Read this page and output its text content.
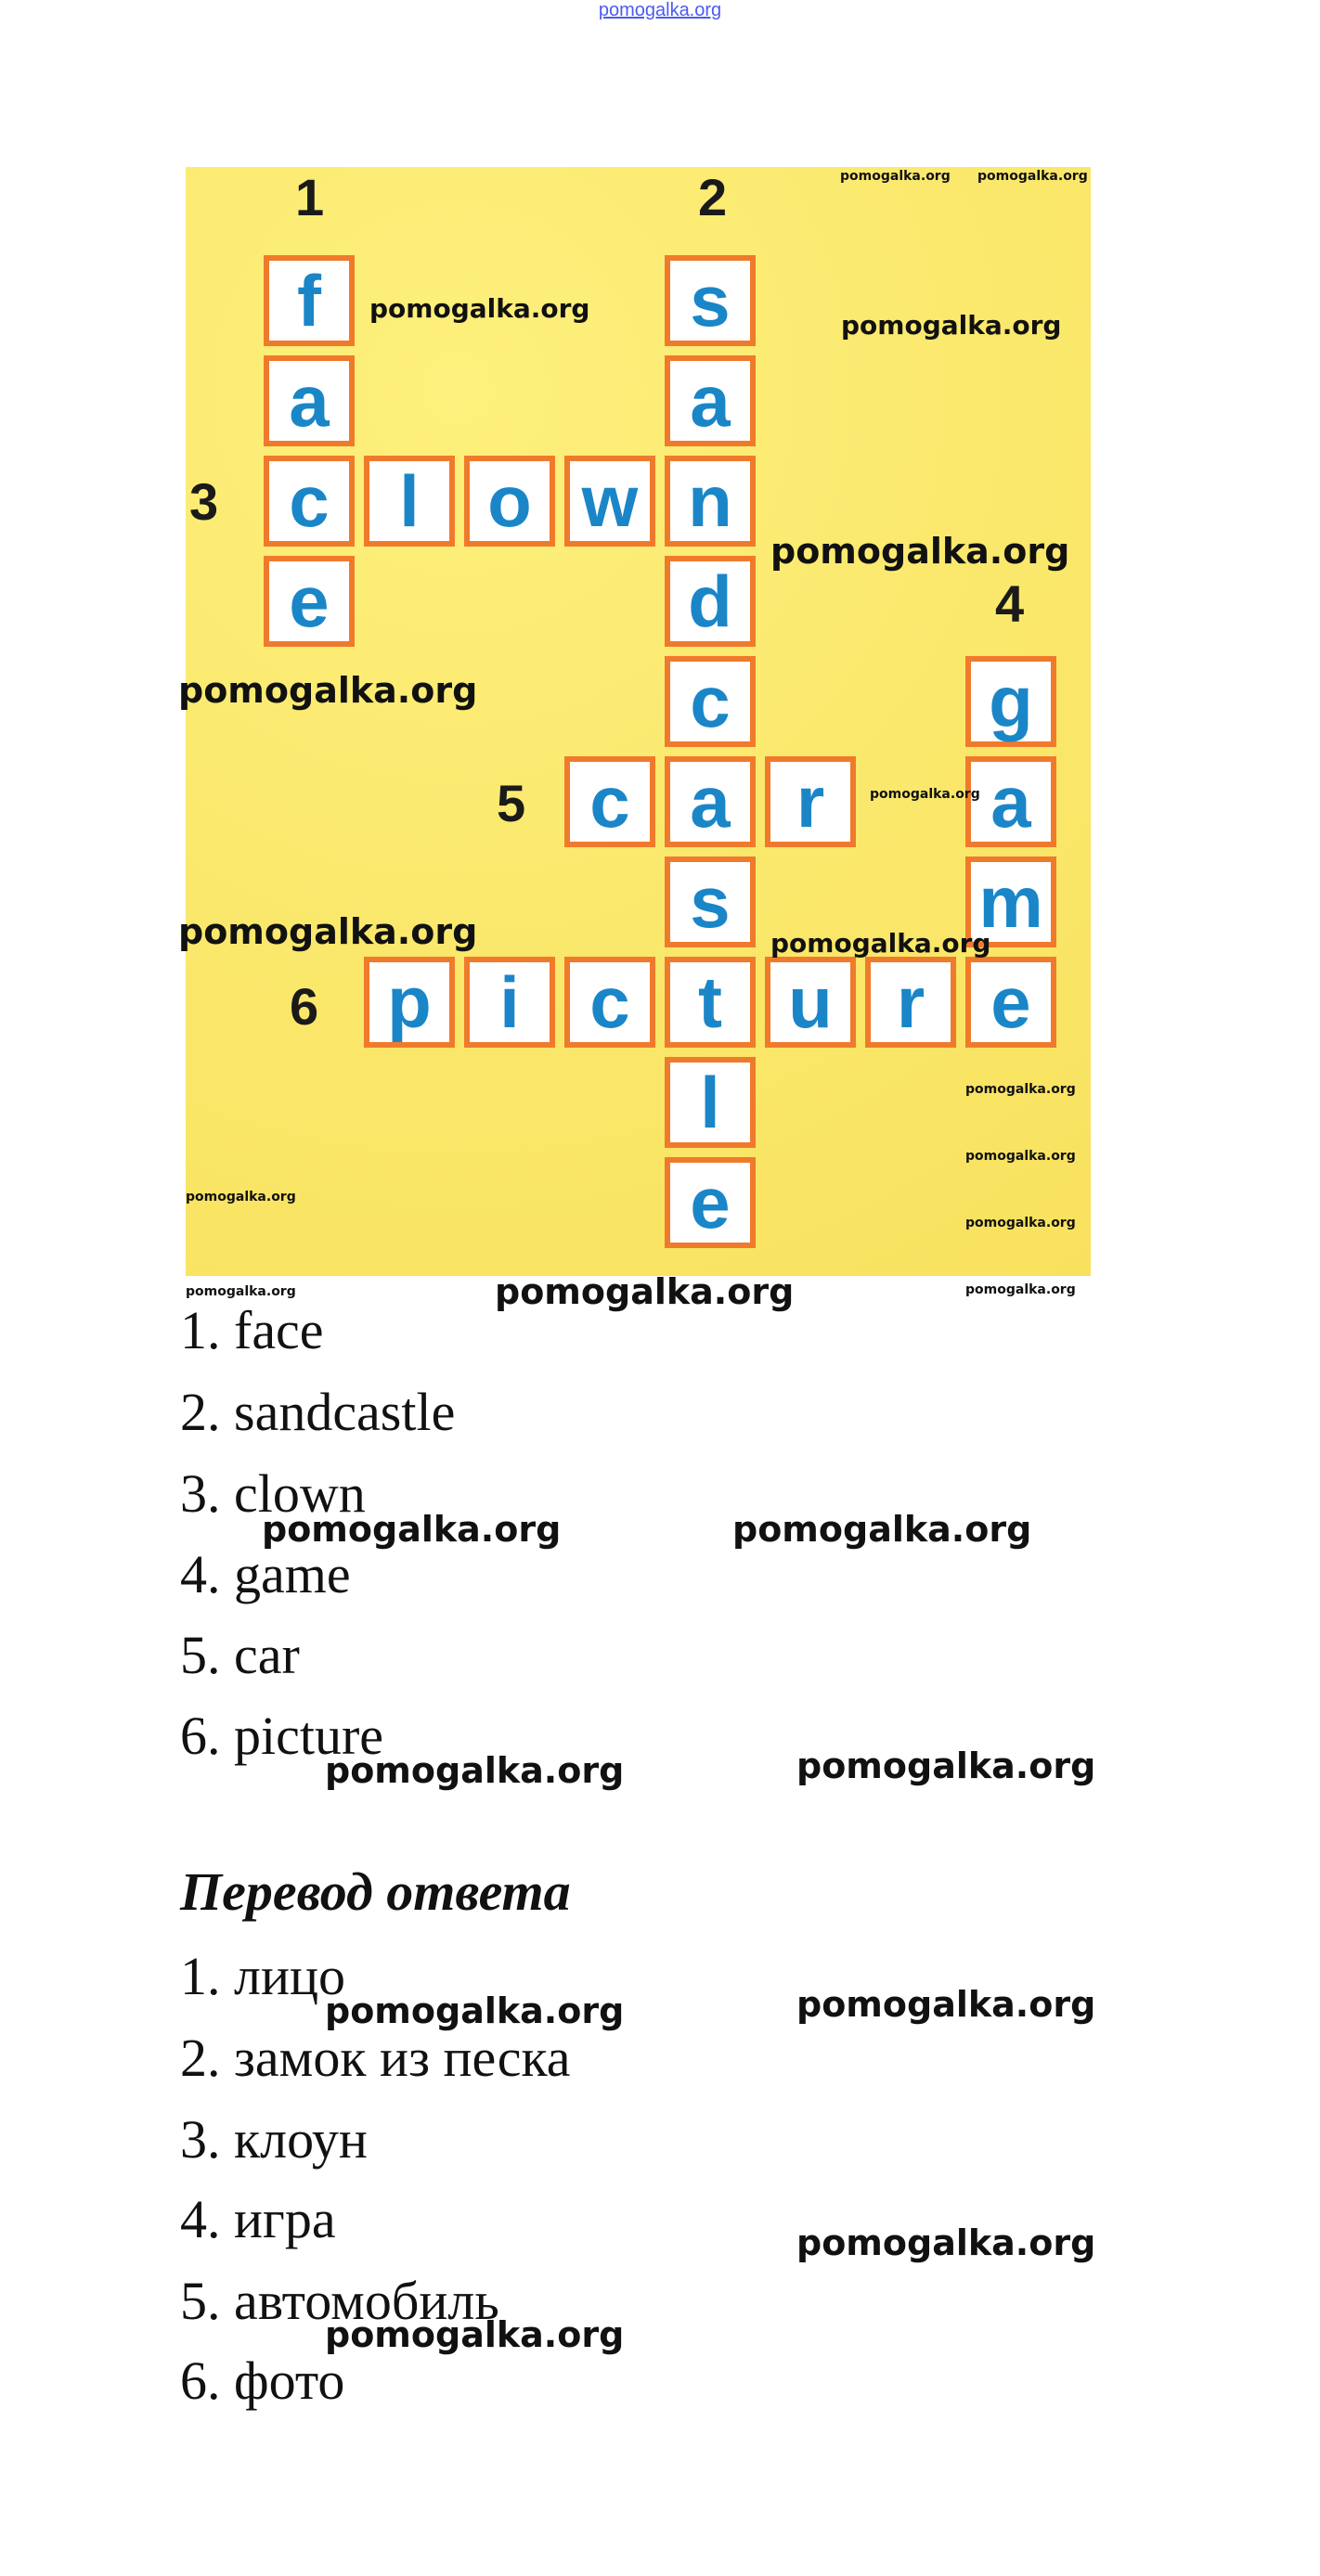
pomogalka.org
1	2
3
4
5
6
f
a
c
e
l o w
s
a
n
d
c
a
s
t
l
e
c	r
g
a
m
p i c	u r e
pomogalka.org
pomogalka.org
pomogalka.org pomogalka.org
pomogalka.org
pomogalka.org
pomogalka.org
pomogalka.org	pomogalka.org
pomogalka.org
pomogalka.org
pomogalka.org
pomogalka.org
pomogalka.org	pomogalka.org	pomogalka.org
1. face
2. sandcastle
3. clown
4. game
5. car
6. picture
pomogalka.org	pomogalka.org
pomogalka.org	pomogalka.org
Перевод ответа
1. лицо
2. замок из песка
3. клоун
4. игра
5. автомобиль
6. фото
pomogalka.org	pomogalka.org
pomogalka.org
pomogalka.org
